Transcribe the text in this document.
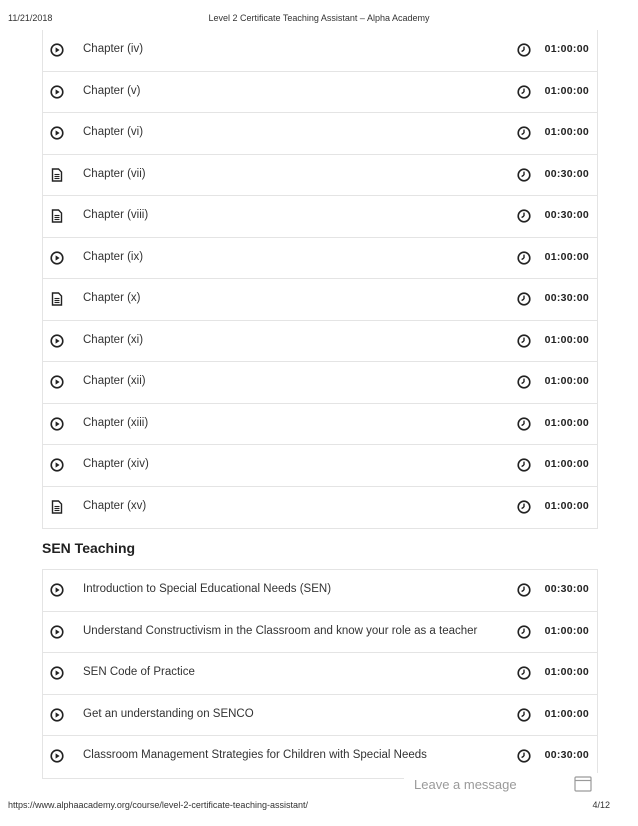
11/21/2018	Level 2 Certificate Teaching Assistant – Alpha Academy
Chapter (iv)	01:00:00
Chapter (v)	01:00:00
Chapter (vi)	01:00:00
Chapter (vii)	00:30:00
Chapter (viii)	00:30:00
Chapter (ix)	01:00:00
Chapter (x)	00:30:00
Chapter (xi)	01:00:00
Chapter (xii)	01:00:00
Chapter (xiii)	01:00:00
Chapter (xiv)	01:00:00
Chapter (xv)	01:00:00
SEN Teaching
Introduction to Special Educational Needs (SEN)	00:30:00
Understand Constructivism in the Classroom and know your role as a teacher	01:00:00
SEN Code of Practice	01:00:00
Get an understanding on SENCO	01:00:00
Classroom Management Strategies for Children with Special Needs	00:30:00
Leave a message
https://www.alphaacademy.org/course/level-2-certificate-teaching-assistant/	4/12
